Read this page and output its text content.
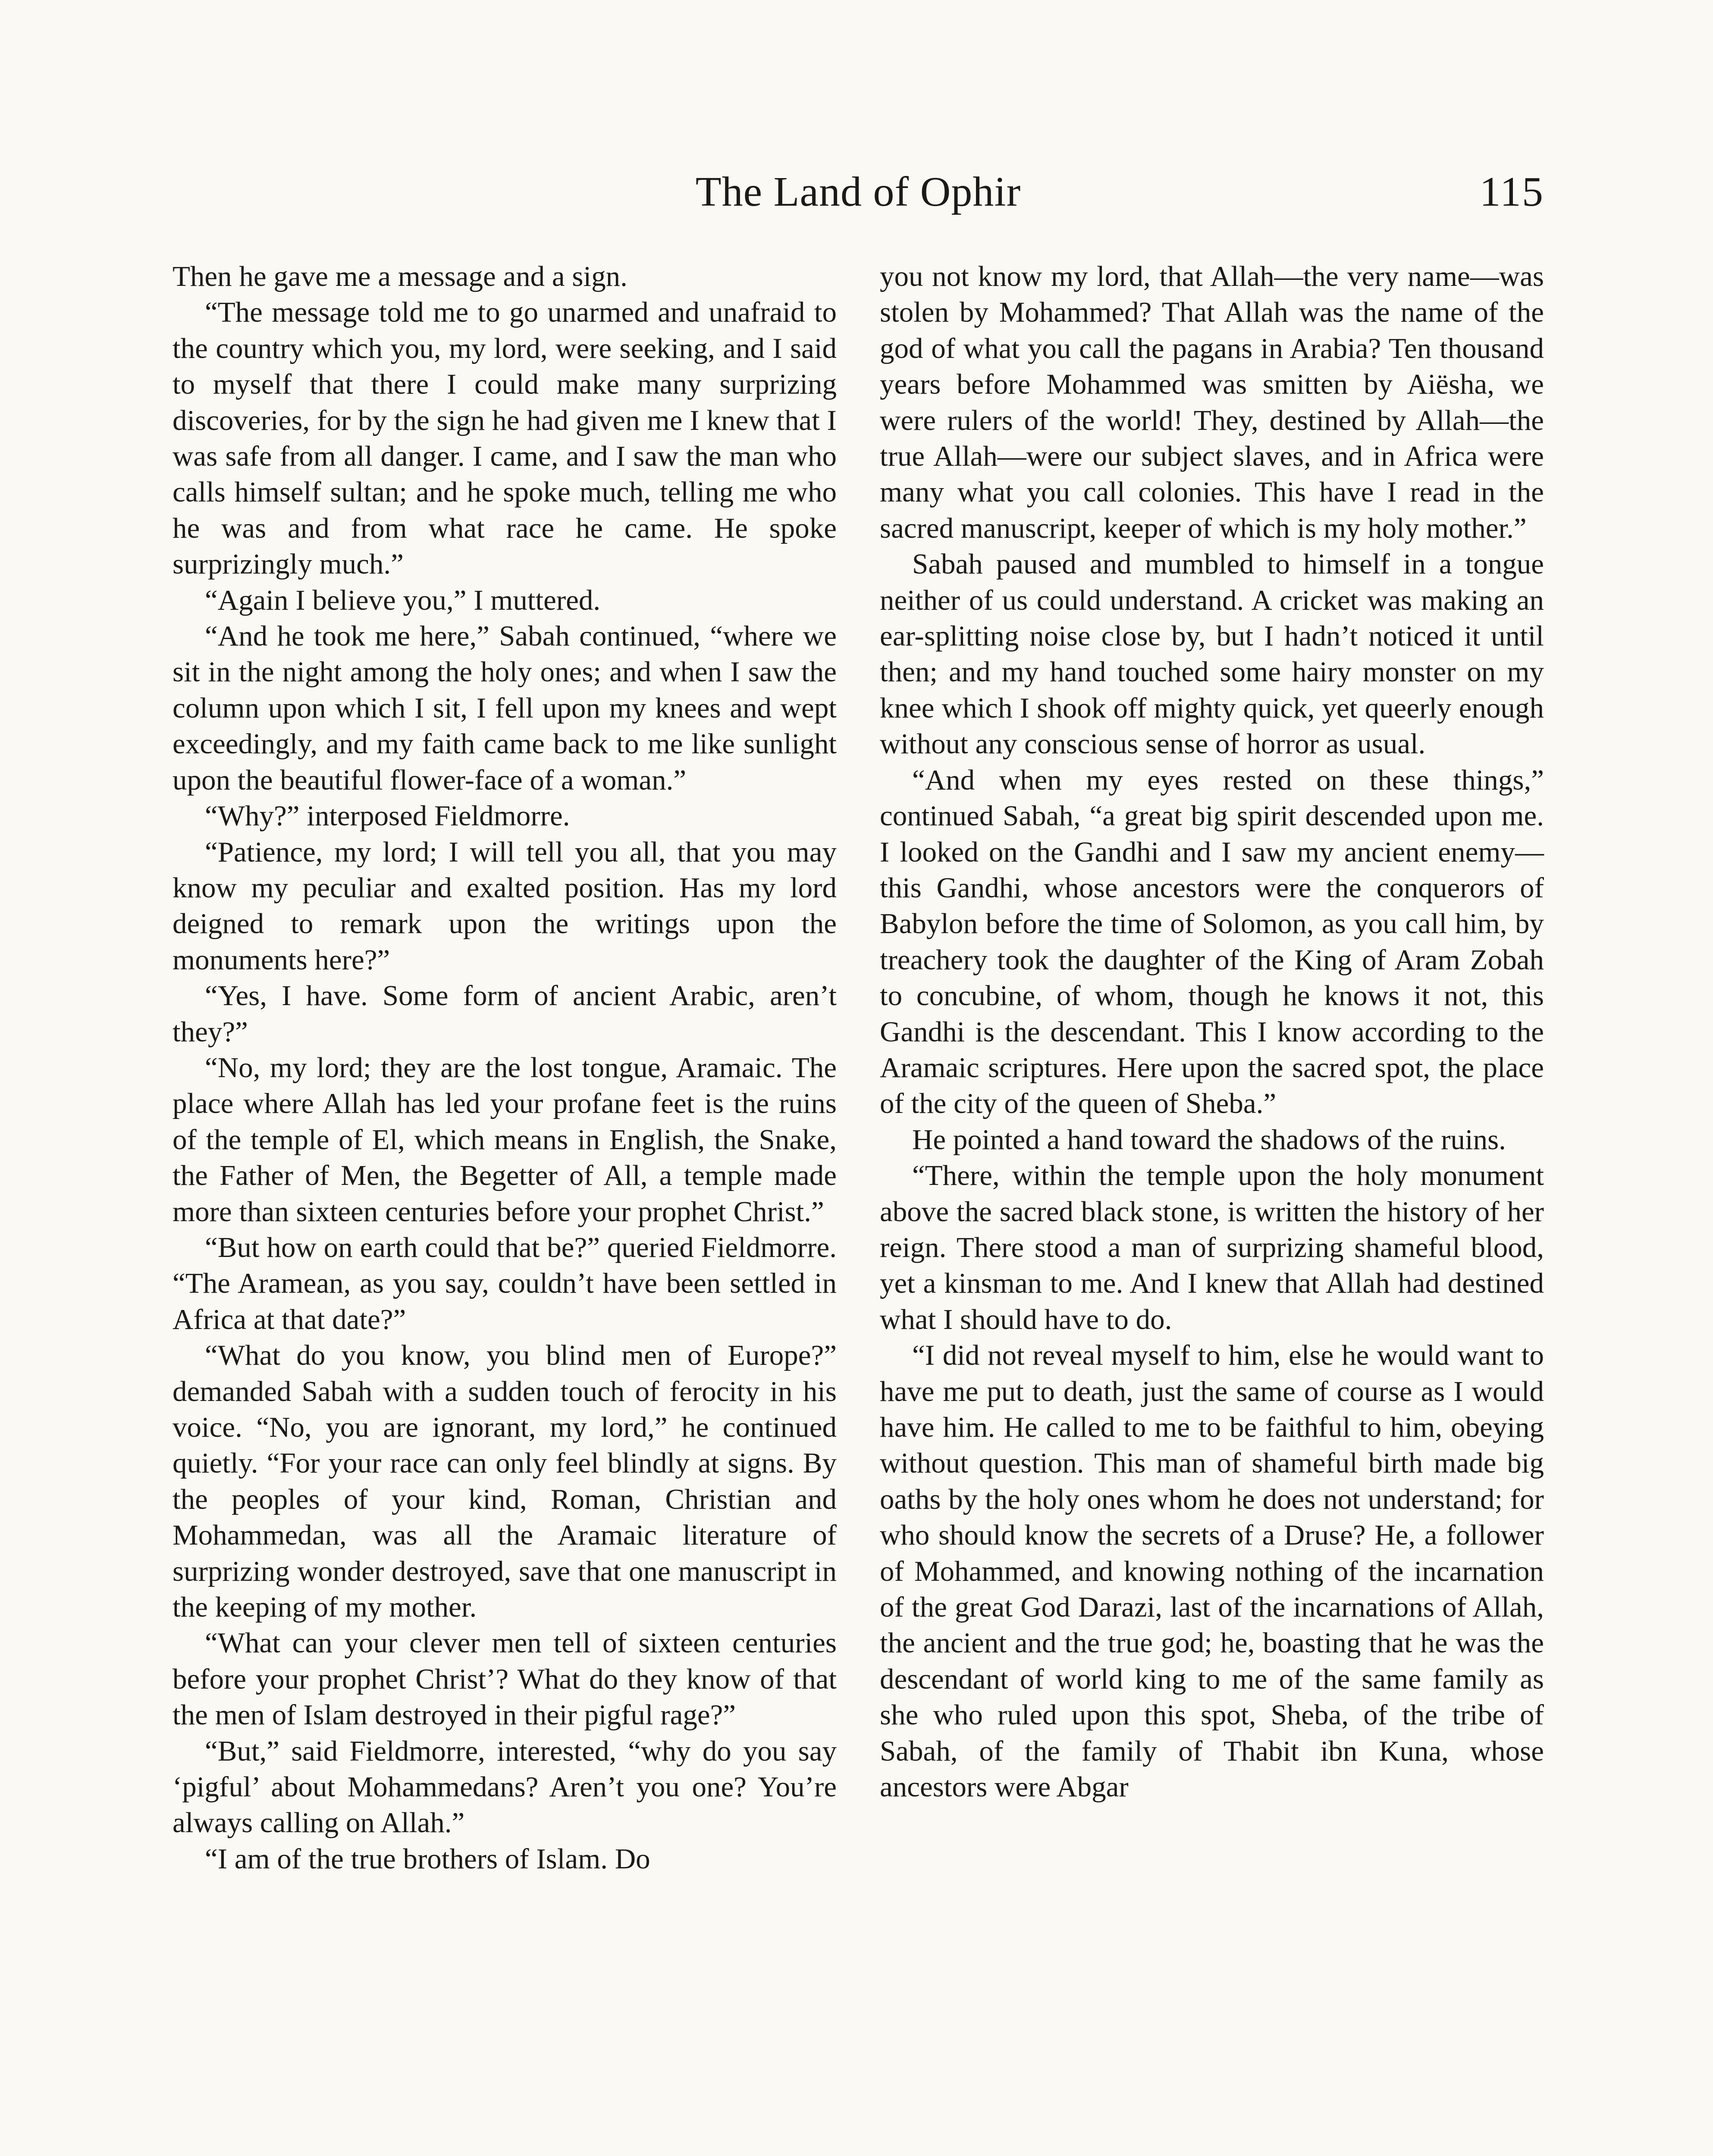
The Land of Ophir	115

Then he gave me a message and a sign.

“The message told me to go unarmed and unafraid to the country which you, my lord, were seeking, and I said to myself that there I could make many surprizing discoveries, for by the sign he had given me I knew that I was safe from all danger. I came, and I saw the man who calls himself sultan; and he spoke much, telling me who he was and from what race he came. He spoke surprizingly much.”

“Again I believe you,” I muttered.

“And he took me here,” Sabah continued, “where we sit in the night among the holy ones; and when I saw the column upon which I sit, I fell upon my knees and wept exceedingly, and my faith came back to me like sunlight upon the beautiful flower-face of a woman.”

“Why?” interposed Fieldmorre.

“Patience, my lord; I will tell you all, that you may know my peculiar and exalted position. Has my lord deigned to remark upon the writings upon the monuments here?”

“Yes, I have. Some form of ancient Arabic, aren’t they?”

“No, my lord; they are the lost tongue, Aramaic. The place where Allah has led your profane feet is the ruins of the temple of El, which means in English, the Snake, the Father of Men, the Begetter of All, a temple made more than sixteen centuries before your prophet Christ.”

“But how on earth could that be?” queried Fieldmorre. “The Aramean, as you say, couldn’t have been settled in Africa at that date?”

“What do you know, you blind men of Europe?” demanded Sabah with a sudden touch of ferocity in his voice. “No, you are ignorant, my lord,” he continued quietly. “For your race can only feel blindly at signs. By the peoples of your kind, Roman, Christian and Mohammedan, was all the Aramaic literature of surprizing wonder destroyed, save that one manuscript in the keeping of my mother.

“What can your clever men tell of sixteen centuries before your prophet Christ’? What do they know of that the men of Islam destroyed in their pigful rage?”

“But,” said Fieldmorre, interested, “why do you say ‘pigful’ about Mohammedans? Aren’t you one? You’re always calling on Allah.”

“I am of the true brothers of Islam. Do

you not know my lord, that Allah—the very name—was stolen by Mohammed? That Allah was the name of the god of what you call the pagans in Arabia? Ten thousand years before Mohammed was smitten by Aiësha, we were rulers of the world! They, destined by Allah—the true Allah—were our subject slaves, and in Africa were many what you call colonies. This have I read in the sacred manuscript, keeper of which is my holy mother.”

Sabah paused and mumbled to himself in a tongue neither of us could understand. A cricket was making an ear-splitting noise close by, but I hadn’t noticed it until then; and my hand touched some hairy monster on my knee which I shook off mighty quick, yet queerly enough without any conscious sense of horror as usual.

“And when my eyes rested on these things,” continued Sabah, “a great big spirit descended upon me. I looked on the Gandhi and I saw my ancient enemy—this Gandhi, whose ancestors were the conquerors of Babylon before the time of Solomon, as you call him, by treachery took the daughter of the King of Aram Zobah to concubine, of whom, though he knows it not, this Gandhi is the descendant. This I know according to the Aramaic scriptures. Here upon the sacred spot, the place of the city of the queen of Sheba.”

He pointed a hand toward the shadows of the ruins.

“There, within the temple upon the holy monument above the sacred black stone, is written the history of her reign. There stood a man of surprizing shameful blood, yet a kinsman to me. And I knew that Allah had destined what I should have to do.

“I did not reveal myself to him, else he would want to have me put to death, just the same of course as I would have him. He called to me to be faithful to him, obeying without question. This man of shameful birth made big oaths by the holy ones whom he does not understand; for who should know the secrets of a Druse? He, a follower of Mohammed, and knowing nothing of the incarnation of the great God Darazi, last of the incarnations of Allah, the ancient and the true god; he, boasting that he was the descendant of world king to me of the same family as she who ruled upon this spot, Sheba, of the tribe of Sabah, of the family of Thabit ibn Kuna, whose ancestors were Abgar
